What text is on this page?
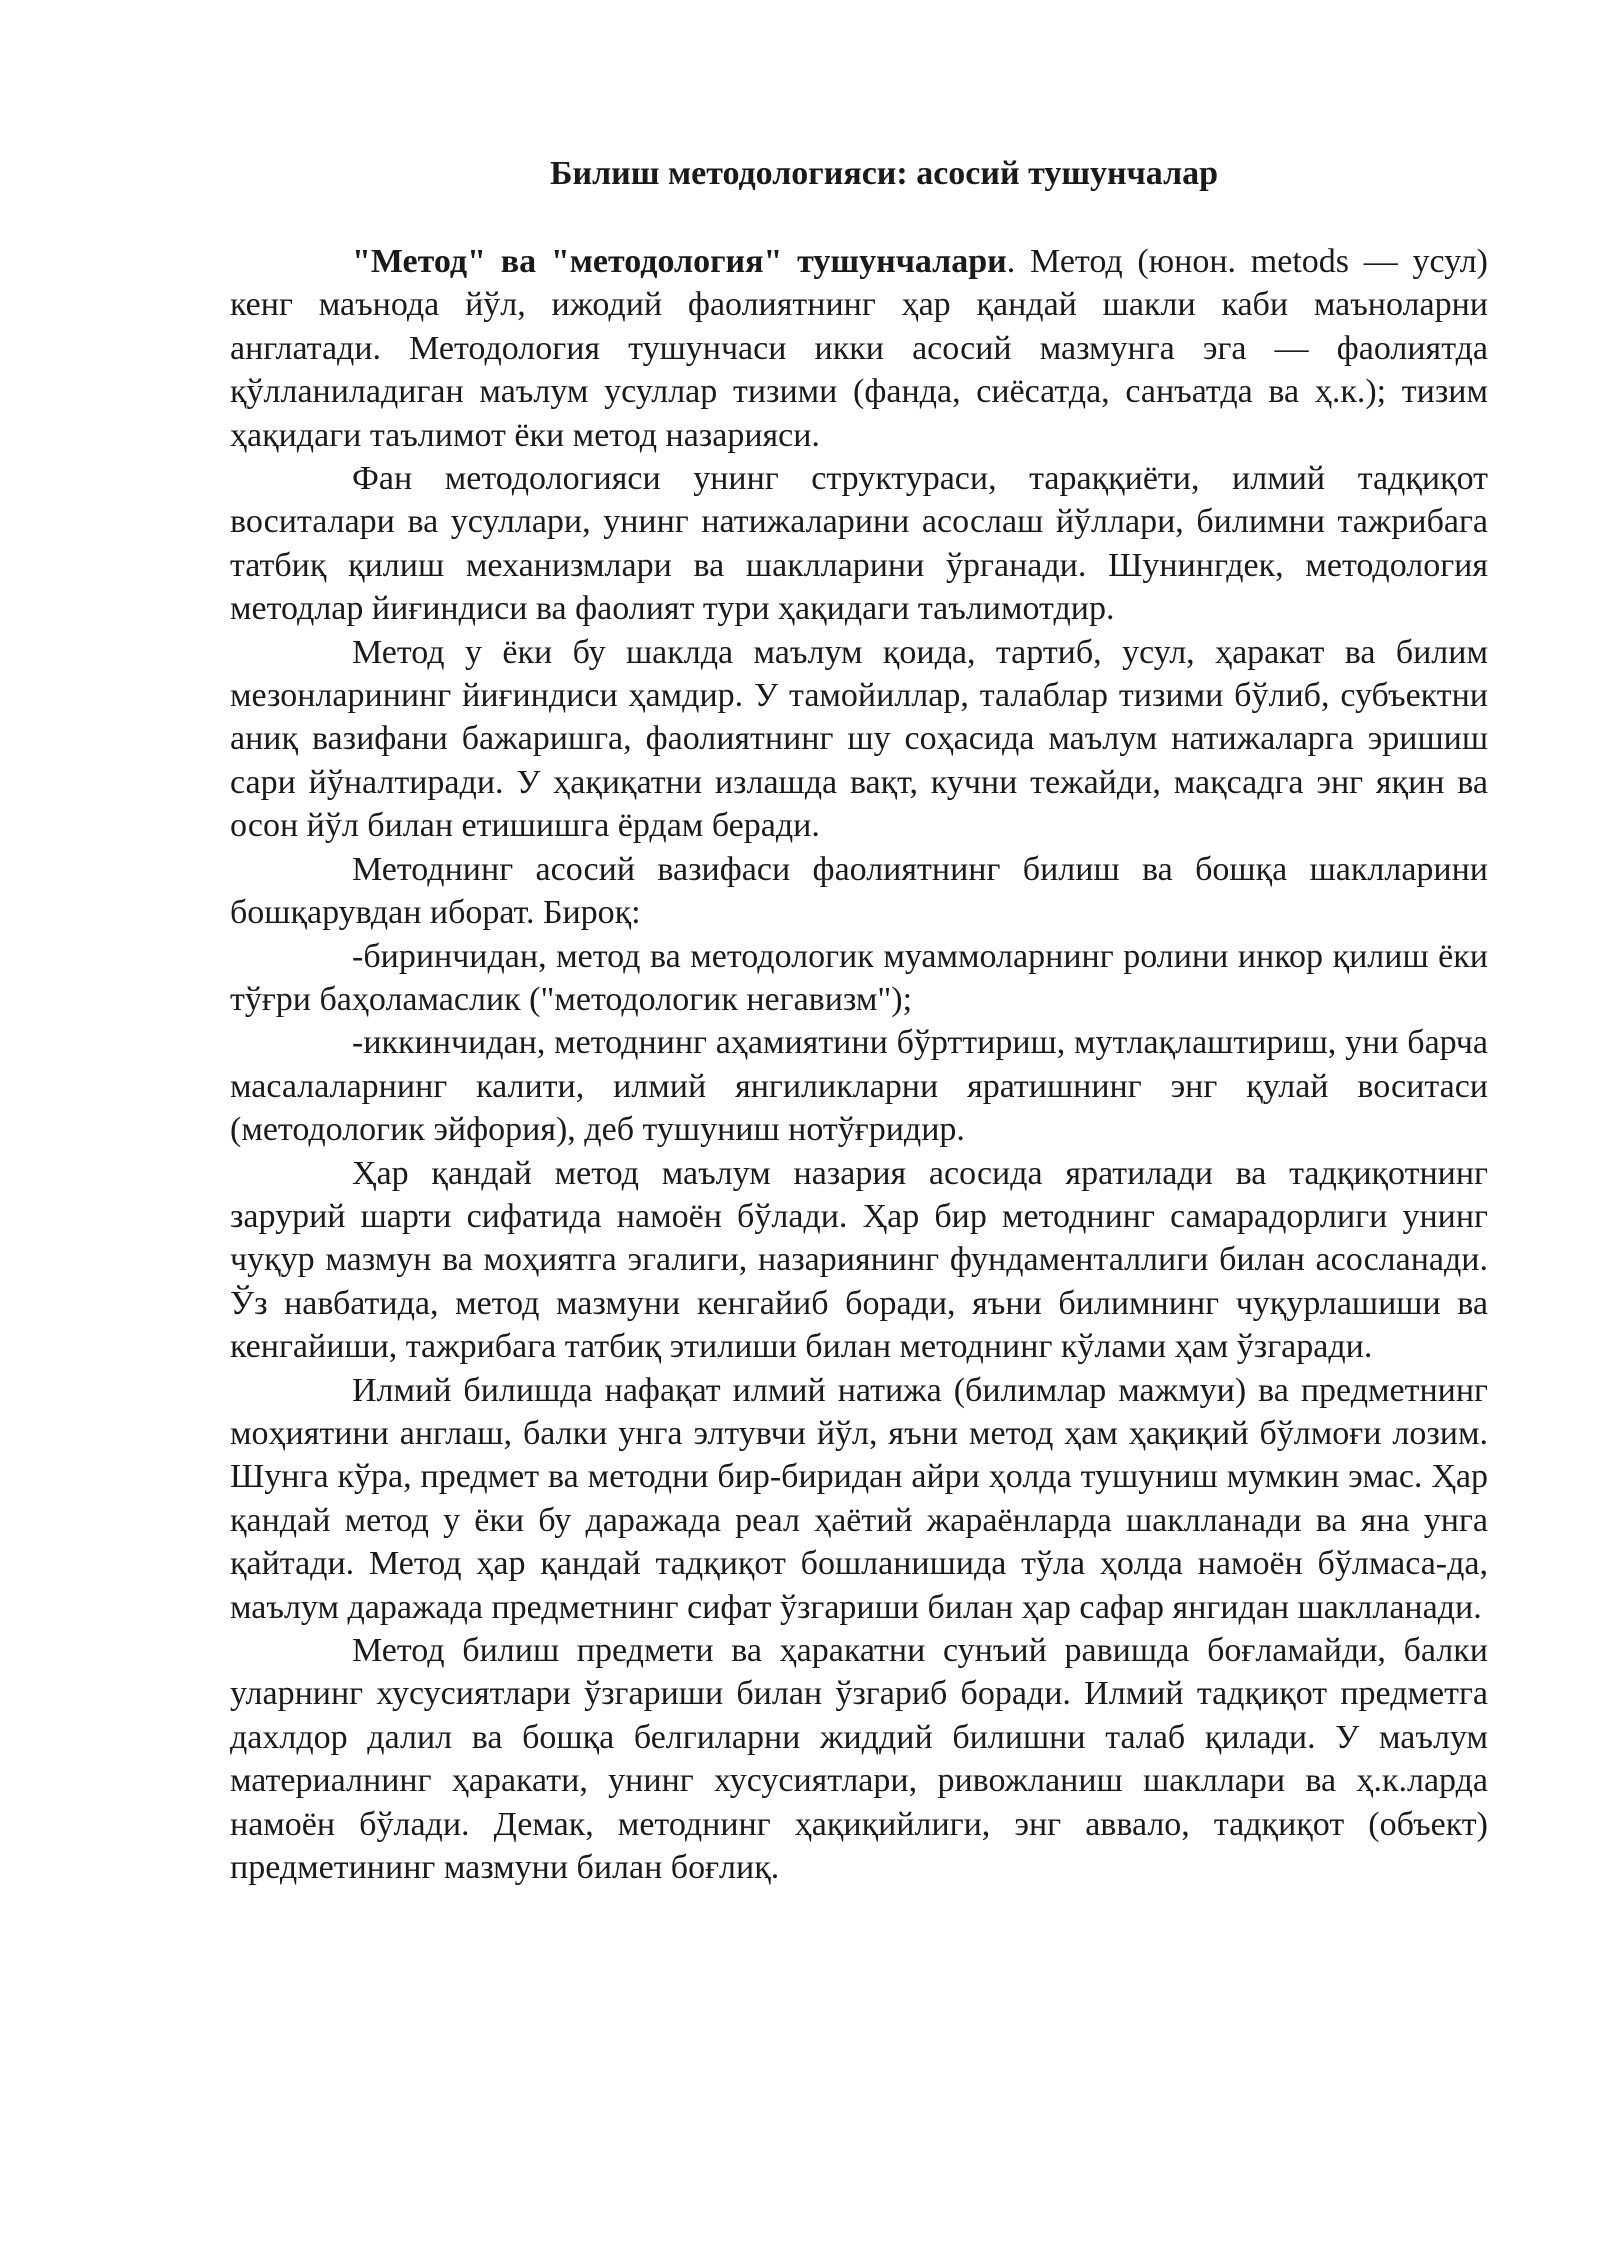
Билиш методологияси: асосий тушунчалар

"Метод" ва "методология" тушунчалари. Метод (юнон. metods — усул) кенг маънода йўл, ижодий фаолиятнинг ҳар қандай шакли каби маъноларни англатади. Методология тушунчаси икки асосий мазмунга эга — фаолиятда қўлланиладиган маълум усуллар тизими (фанда, сиёсатда, санъатда ва ҳ.к.); тизим ҳақидаги таълимот ёки метод назарияси.

Фан методологияси унинг структураси, тараққиёти, илмий тадқиқот воситалари ва усуллари, унинг натижаларини асослаш йўллари, билимни тажрибага татбиқ қилиш механизмлари ва шаклларини ўрганади. Шунингдек, методология методлар йиғиндиси ва фаолият тури ҳақидаги таълимотдир.

Метод у ёки бу шаклда маълум қоида, тартиб, усул, ҳаракат ва билим мезонларининг йиғиндиси ҳамдир. У тамойиллар, талаблар тизими бўлиб, субъектни аниқ вазифани бажаришга, фаолиятнинг шу соҳасида маълум натижаларга эришиш сари йўналтиради. У ҳақиқатни излашда вақт, кучни тежайди, мақсадга энг яқин ва осон йўл билан етишишга ёрдам беради.

Методнинг асосий вазифаси фаолиятнинг билиш ва бошқа шаклларини бошқарувдан иборат. Бироқ:

-биринчидан, метод ва методологик муаммоларнинг ролини инкор қилиш ёки тўғри баҳоламаслик ("методологик негавизм");

-иккинчидан, методнинг аҳамиятини бўрттириш, мутлақлаштириш, уни барча масалаларнинг калити, илмий янгиликларни яратишнинг энг қулай воситаси (методологик эйфория), деб тушуниш нотўғридир.

Ҳар қандай метод маълум назария асосида яратилади ва тадқиқотнинг зарурий шарти сифатида намоён бўлади. Ҳар бир методнинг самарадорлиги унинг чуқур мазмун ва моҳиятга эгалиги, назариянинг фундаменталлиги билан асосланади. Ўз навбатида, метод мазмуни кенгайиб боради, яъни билимнинг чуқурлашиши ва кенгайиши, тажрибага татбиқ этилиши билан методнинг кўлами ҳам ўзгаради.

Илмий билишда нафақат илмий натижа (билимлар мажмуи) ва предметнинг моҳиятини англаш, балки унга элтувчи йўл, яъни метод ҳам ҳақиқий бўлмоғи лозим. Шунга кўра, предмет ва методни бир-биридан айри ҳолда тушуниш мумкин эмас. Ҳар қандай метод у ёки бу даражада реал ҳаётий жараёнларда шаклланади ва яна унга қайтади. Метод ҳар қандай тадқиқот бошланишида тўла ҳолда намоён бўлмаса-да, маълум даражада предметнинг сифат ўзгариши билан ҳар сафар янгидан шаклланади.

Метод билиш предмети ва ҳаракатни сунъий равишда боғламайди, балки уларнинг хусусиятлари ўзгариши билан ўзгариб боради. Илмий тадқиқот предметга дахлдор далил ва бошқа белгиларни жиддий билишни талаб қилади. У маълум материалнинг ҳаракати, унинг хусусиятлари, ривожланиш шакллари ва ҳ.к.ларда намоён бўлади. Демак, методнинг ҳақиқийлиги, энг аввало, тадқиқот (объект) предметининг мазмуни билан боғлиқ.
